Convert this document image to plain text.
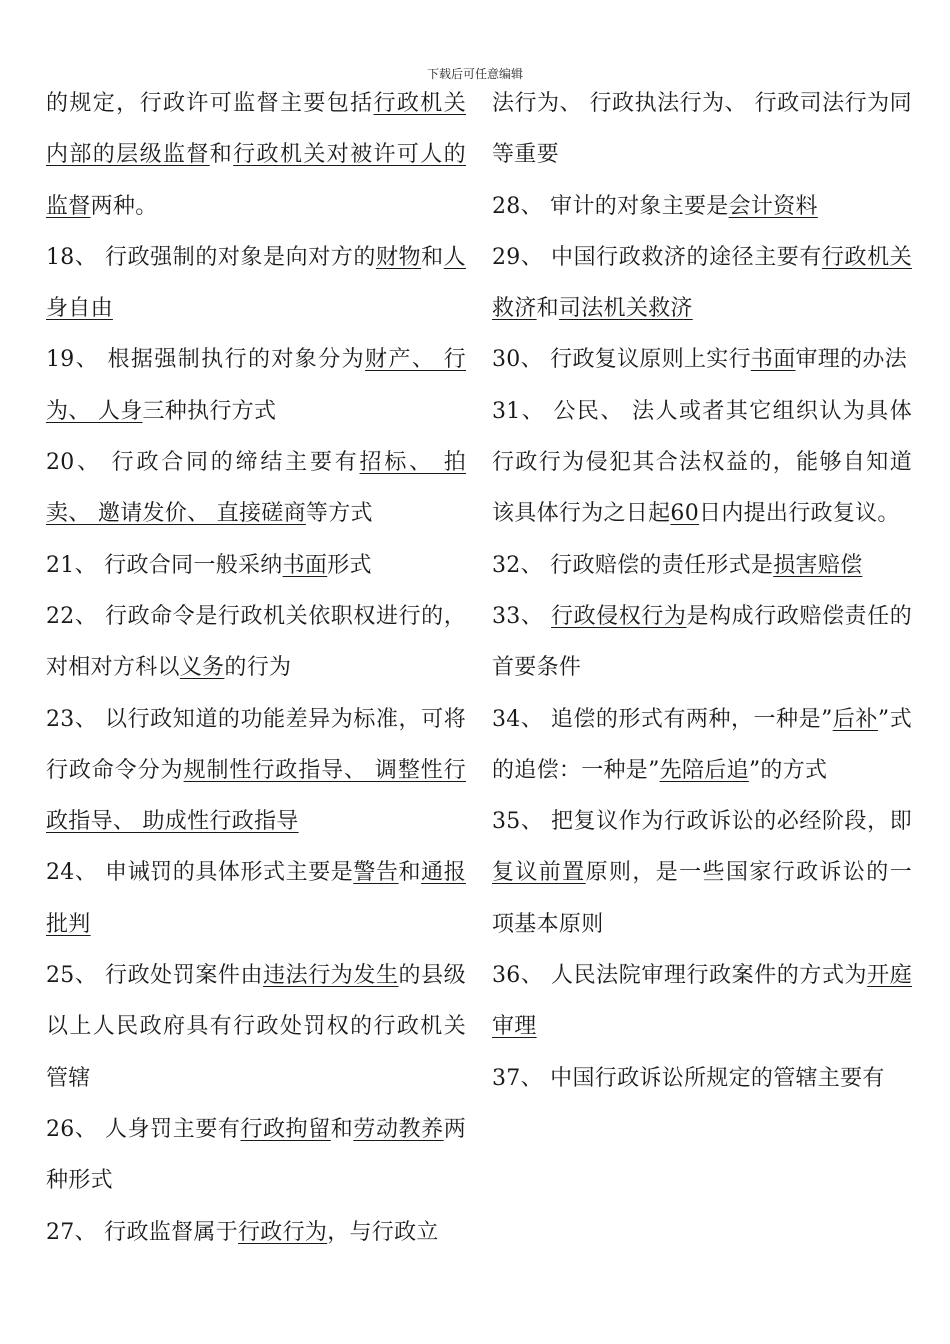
下载后可任意编辑

的规定，行政许可监督主要包括行政机关内部的层级监督和行政机关对被许可人的监督两种。

18、 行政强制的对象是向对方的财物和人身自由

19、 根据强制执行的对象分为财产、 行为、 人身三种执行方式

20、 行政合同的缔结主要有招标、 拍卖、 邀请发价、 直接磋商等方式

21、 行政合同一般采纳书面形式

22、 行政命令是行政机关依职权进行的， 对相对方科以义务的行为

23、 以行政知道的功能差异为标准，可将行政命令分为规制性行政指导、 调整性行政指导、 助成性行政指导

24、 申诫罚的具体形式主要是警告和通报批判

25、 行政处罚案件由违法行为发生的县级以上人民政府具有行政处罚权的行政机关管辖

26、 人身罚主要有行政拘留和劳动教养两种形式

27、 行政监督属于行政行为，与行政立

法行为、 行政执法行为、 行政司法行为同等重要

28、 审计的对象主要是会计资料

29、 中国行政救济的途径主要有行政机关救济和司法机关救济

30、 行政复议原则上实行书面审理的办法

31、 公民、 法人或者其它组织认为具体行政行为侵犯其合法权益的，能够自知道该具体行为之日起60日内提出行政复议。

32、 行政赔偿的责任形式是损害赔偿

33、 行政侵权行为是构成行政赔偿责任的首要条件

34、 追偿的形式有两种，一种是”后补”式的追偿：一种是”先陪后追”的方式

35、 把复议作为行政诉讼的必经阶段，即复议前置原则，是一些国家行政诉讼的一项基本原则

36、 人民法院审理行政案件的方式为开庭审理

37、 中国行政诉讼所规定的管辖主要有
